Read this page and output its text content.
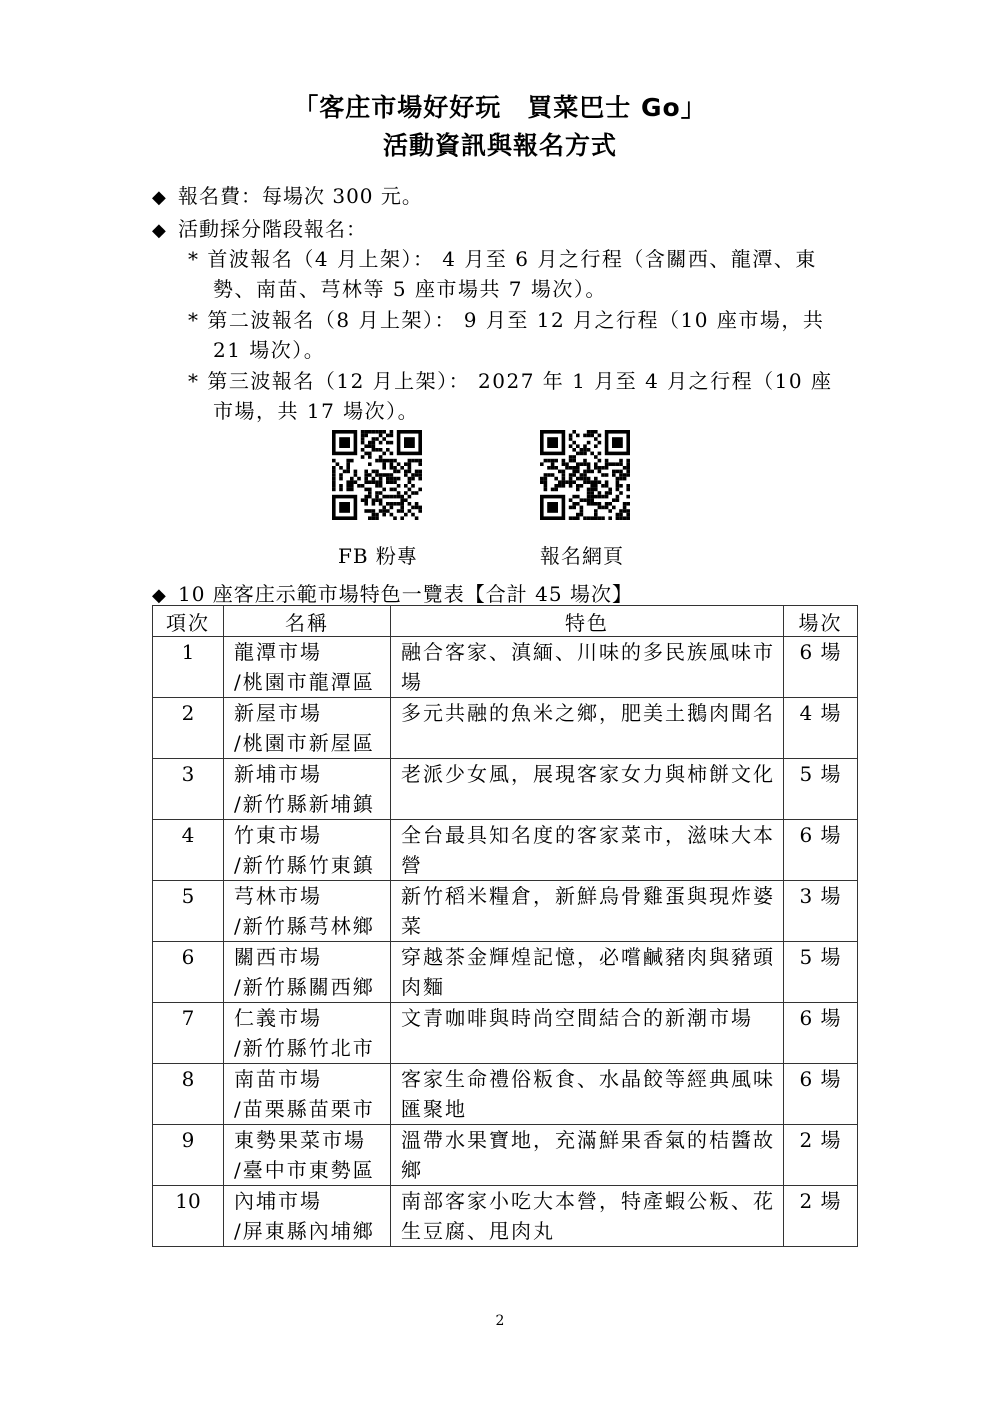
「客庄市場好好玩　買菜巴士 Go」
活動資訊與報名方式
◆ 報名費：每場次 300 元。
◆ 活動採分階段報名：
* 首波報名（4 月上架）： 4 月至 6 月之行程（含關西、龍潭、東
勢、南苗、芎林等 5 座市場共 7 場次）。
* 第二波報名（8 月上架）： 9 月至 12 月之行程（10 座市場，共
21 場次）。
* 第三波報名（12 月上架）： 2027 年 1 月至 4 月之行程（10 座
市場，共 17 場次）。
FB 粉專	報名網頁
◆ 10 座客庄示範市場特色一覽表【合計 45 場次】
項次	名稱	特色	場次
1	龍潭市場
/桃園市龍潭區	融合客家、滇緬、川味的多民族風味市場	6 場
2	新屋市場
/桃園市新屋區	多元共融的魚米之鄉，肥美土鵝肉聞名	4 場
3	新埔市場
/新竹縣新埔鎮	老派少女風，展現客家女力與柿餅文化	5 場
4	竹東市場
/新竹縣竹東鎮	全台最具知名度的客家菜市，滋味大本營	6 場
5	芎林市場
/新竹縣芎林鄉	新竹稻米糧倉，新鮮烏骨雞蛋與現炸婆菜	3 場
6	關西市場
/新竹縣關西鄉	穿越茶金輝煌記憶，必嚐鹹豬肉與豬頭肉麵	5 場
7	仁義市場
/新竹縣竹北市	文青咖啡與時尚空間結合的新潮市場	6 場
8	南苗市場
/苗栗縣苗栗市	客家生命禮俗粄食、水晶餃等經典風味匯聚地	6 場
9	東勢果菜市場
/臺中市東勢區	溫帶水果寶地，充滿鮮果香氣的桔醬故鄉	2 場
10	內埔市場
/屏東縣內埔鄉	南部客家小吃大本營，特產蝦公粄、花生豆腐、甩肉丸	2 場
2
